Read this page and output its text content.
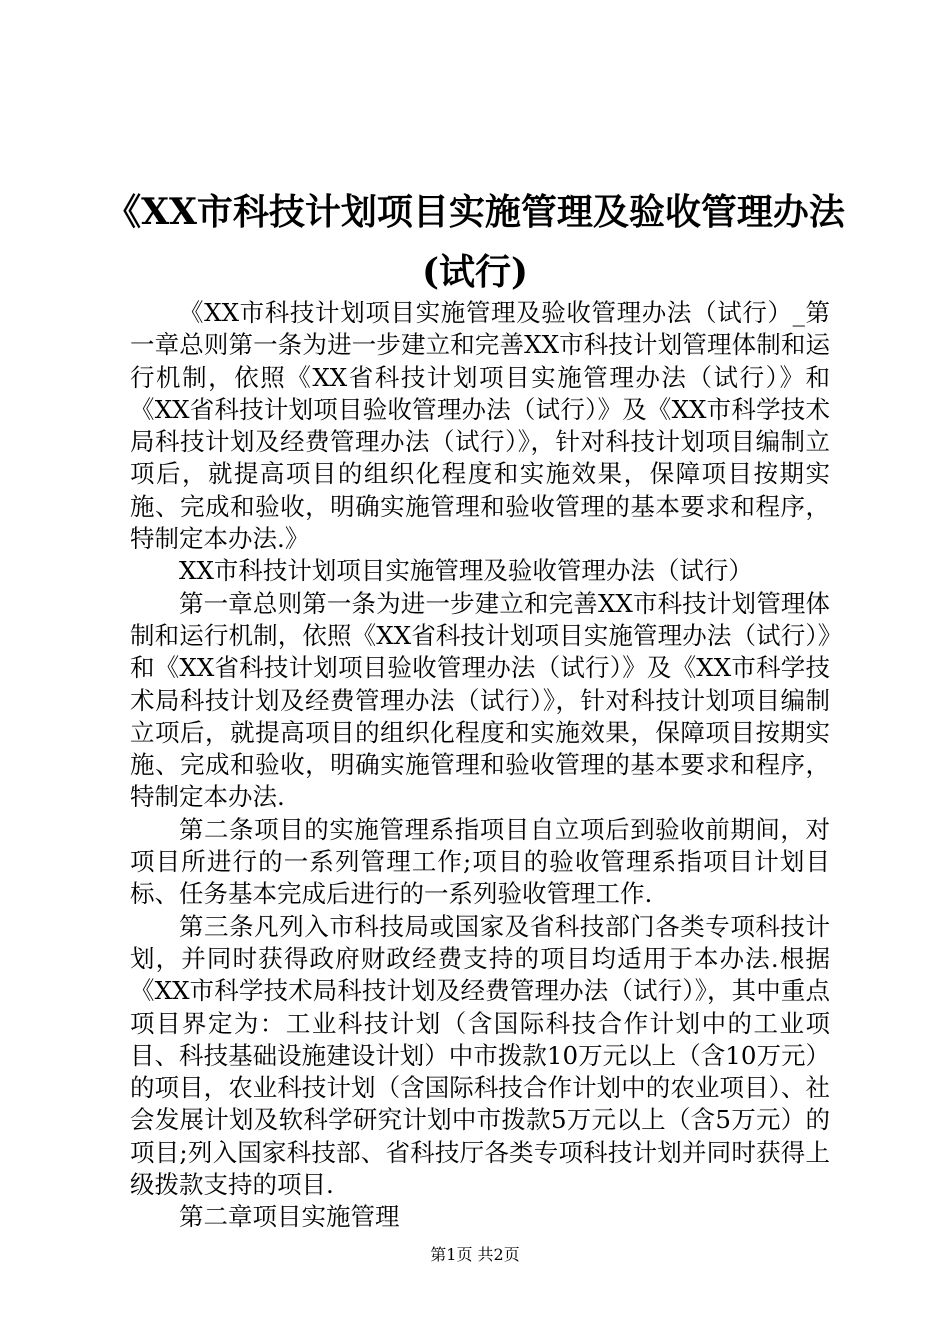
《XX市科技计划项目实施管理及验收管理办法(试行)

《XX市科技计划项目实施管理及验收管理办法（试行）_第一章总则第一条为进一步建立和完善XX市科技计划管理体制和运行机制，依照《XX省科技计划项目实施管理办法（试行）》和《XX省科技计划项目验收管理办法（试行）》及《XX市科学技术局科技计划及经费管理办法（试行）》，针对科技计划项目编制立项后，就提高项目的组织化程度和实施效果，保障项目按期实施、完成和验收，明确实施管理和验收管理的基本要求和程序，特制定本办法.》

XX市科技计划项目实施管理及验收管理办法（试行）

第一章总则第一条为进一步建立和完善XX市科技计划管理体制和运行机制，依照《XX省科技计划项目实施管理办法（试行）》和《XX省科技计划项目验收管理办法（试行）》及《XX市科学技术局科技计划及经费管理办法（试行）》，针对科技计划项目编制立项后，就提高项目的组织化程度和实施效果，保障项目按期实施、完成和验收，明确实施管理和验收管理的基本要求和程序，特制定本办法.

第二条项目的实施管理系指项目自立项后到验收前期间，对项目所进行的一系列管理工作;项目的验收管理系指项目计划目标、任务基本完成后进行的一系列验收管理工作.

第三条凡列入市科技局或国家及省科技部门各类专项科技计划，并同时获得政府财政经费支持的项目均适用于本办法.根据《XX市科学技术局科技计划及经费管理办法（试行）》，其中重点项目界定为：工业科技计划（含国际科技合作计划中的工业项目、科技基础设施建设计划）中市拨款10万元以上（含10万元）的项目，农业科技计划（含国际科技合作计划中的农业项目）、社会发展计划及软科学研究计划中市拨款5万元以上（含5万元）的项目;列入国家科技部、省科技厅各类专项科技计划并同时获得上级拨款支持的项目.

第二章项目实施管理

第1页 共2页
